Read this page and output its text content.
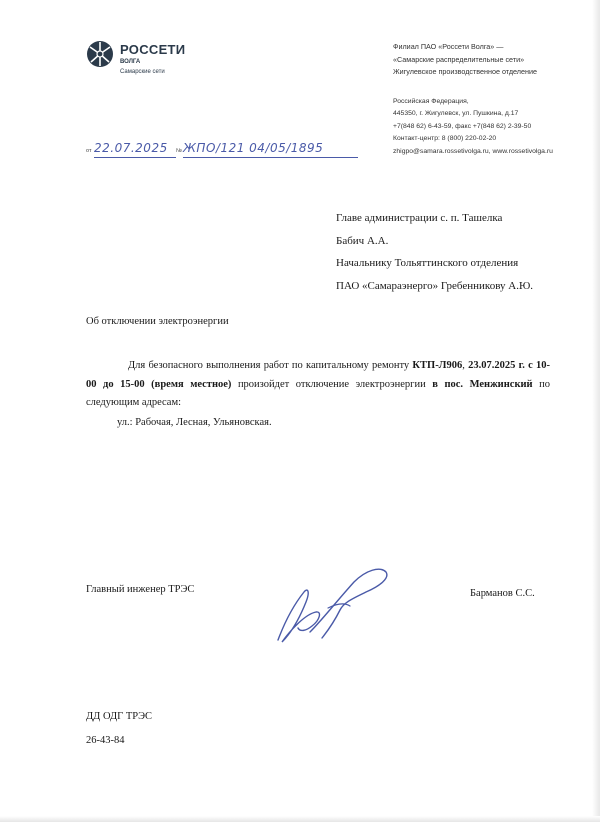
РОССЕТИ
ВОЛГА
Самарские сети
Филиал ПАО «Россети Волга» —
«Самарские распределительные сети»
Жигулевское производственное отделение
Российская Федерация,
445350, г. Жигулевск, ул. Пушкина, д.17
+7(848 62) 6-43-59, факс +7(848 62) 2-39-50
Контакт-центр: 8 (800) 220-02-20
zhigpo@samara.rossetivolga.ru, www.rossetivolga.ru
от 22.07.2025 № ЖПО/121 04/05/1895
Главе администрации с. п. Ташелка
Бабич А.А.
Начальнику Тольяттинского отделения
ПАО «Самараэнерго» Гребенникову А.Ю.
Об отключении электроэнергии

Для безопасного выполнения работ по капитальному ремонту КТП-Л906, 23.07.2025 г. с 10-00 до 15-00 (время местное) произойдет отключение электроэнергии в пос. Менжинский по следующим адресам:

ул.: Рабочая, Лесная, Ульяновская.
Главный инженер ТРЭС	Барманов С.С.
ДД ОДГ ТРЭС
26-43-84
